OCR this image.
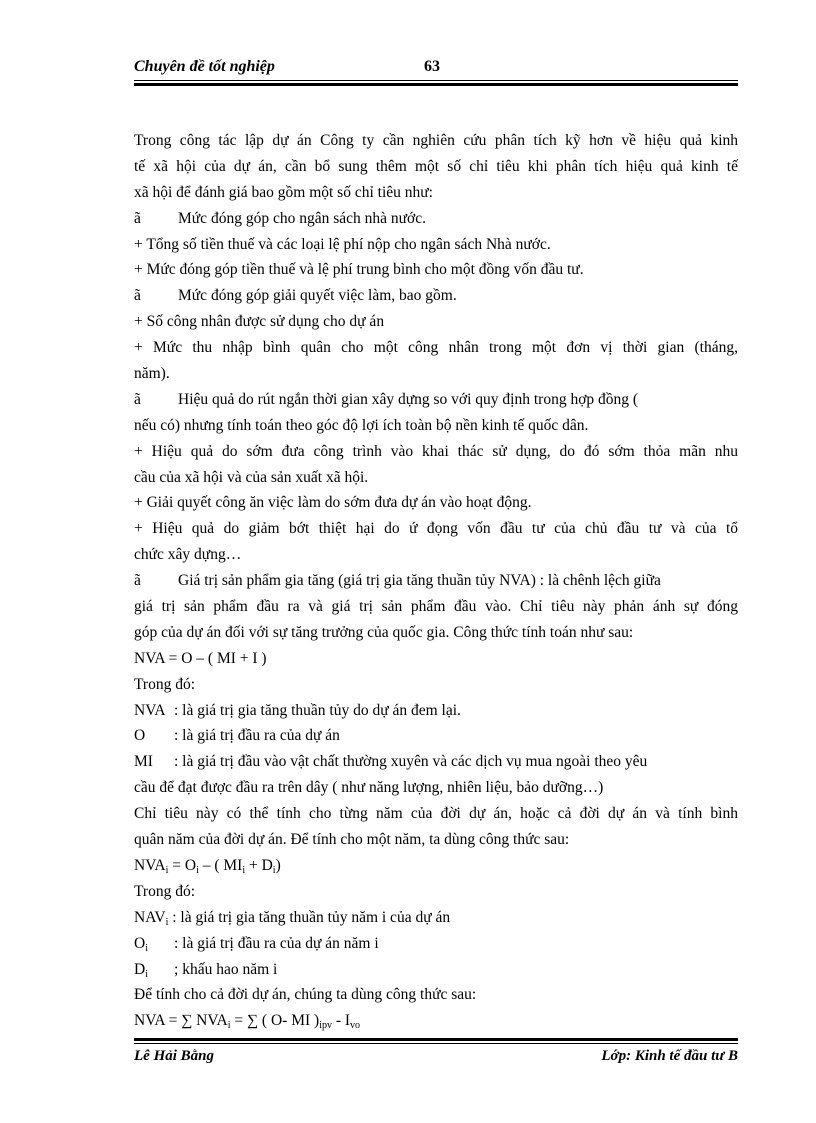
Chuyên đề tốt nghiệp	63
Trong công tác lập dự án Công ty cần nghiên cứu phân tích kỹ hơn về hiệu quả kinh
tế xã hội của dự án, cần bổ sung thêm một số chỉ tiêu khi phân tích hiệu quả kinh tế
xã hội để đánh giá bao gồm một số chỉ tiêu như:
ã Mức đóng góp cho ngân sách nhà nước.
+ Tổng số tiền thuế và các loại lệ phí nộp cho ngân sách Nhà nước.
+ Mức đóng góp tiền thuế và lệ phí trung bình cho một đồng vốn đầu tư.
ã Mức đóng góp giải quyết việc làm, bao gồm.
+ Số công nhân được sử dụng cho dự án
+ Mức thu nhập bình quân cho một công nhân trong một đơn vị thời gian (tháng,
năm).
ã Hiệu quả do rút ngắn thời gian xây dựng so với quy định trong hợp đồng (
nếu có) nhưng tính toán theo góc độ lợi ích toàn bộ nền kinh tế quốc dân.
+ Hiệu quả do sớm đưa công trình vào khai thác sử dụng, do đó sớm thỏa mãn nhu
cầu của xã hội và của sản xuất xã hội.
+ Giải quyết công ăn việc làm do sớm đưa dự án vào hoạt động.
+ Hiệu quả do giảm bớt thiệt hại do ứ đọng vốn đầu tư của chủ đầu tư và của tổ
chức xây dựng…
ã Giá trị sản phẩm gia tăng (giá trị gia tăng thuần tủy NVA) : là chênh lệch giữa
giá trị sản phẩm đầu ra và giá trị sản phẩm đầu vào. Chỉ tiêu này phản ánh sự đóng
góp của dự án đối với sự tăng trưởng của quốc gia. Công thức tính toán như sau:
NVA = O – ( MI + I )
Trong đó:
NVA : là giá trị gia tăng thuần tủy do dự án đem lại.
O : là giá trị đầu ra của dự án
MI : là giá trị đầu vào vật chất thường xuyên và các dịch vụ mua ngoài theo yêu
cầu để đạt được đầu ra trên dây ( như năng lượng, nhiên liệu, bảo dưỡng…)
Chỉ tiêu này có thể tính cho từng năm của đời dự án, hoặc cả đời dự án và tính bình
quân năm của đời dự án. Để tính cho một năm, ta dùng công thức sau:
$NVA_i = O_i$ – ( $MI_i + D_i$)
Trong đó:
$NAV_i$ : là giá trị gia tăng thuần tủy năm i của dự án
$O_i$ : là giá trị đầu ra của dự án năm i
$D_i$ ; khấu hao năm i
Để tính cho cả đời dự án, chúng ta dùng công thức sau:
NVA = ∑ $NVA_i$ = ∑ ( O- MI )$_{ipv} - I_{vo}$
Lê Hải Bằng	Lớp: Kinh tế đầu tư B
